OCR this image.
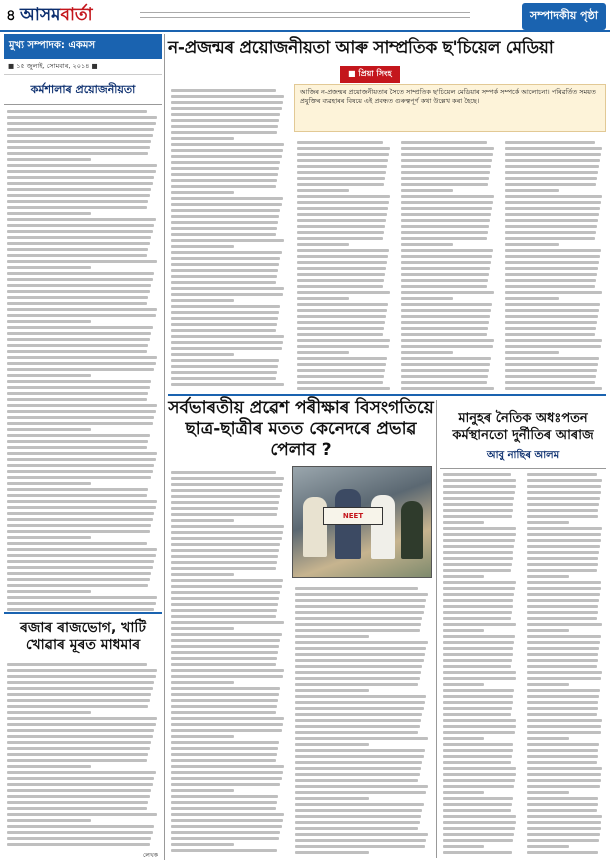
৪ আসমবাৰ্তা	সম্পাদকীয় পৃষ্ঠা
মুখ্য সম্পাদক: একমস
■ ১৫ জুলাই, সোমবাৰ, ২০১৪ ■
কৰ্মশালাৰ প্ৰয়োজনীয়তা
ৰজাৰ ৰাজভোগ, খাটি খোৱাৰ মূৰত মাধমাৰ
লেখক
ন-প্ৰজন্মৰ প্ৰয়োজনীয়তা আৰু সাম্প্ৰতিক ছ'চিয়েল মেডিয়া
■ প্ৰিয়া সিংহ
আজিৰ ন-প্ৰজন্মৰ প্ৰয়োজনীয়তাৰ সৈতে সাম্প্ৰতিক ছ'চিয়েল মেডিয়াৰ সম্পৰ্ক সম্পৰ্কে আলোচনা। পৰিৱৰ্তিত সময়ত প্ৰযুক্তিৰ ব্যৱহাৰৰ বিষয়ে এই প্ৰবন্ধত গুৰুত্বপূৰ্ণ কথা উল্লেখ কৰা হৈছে।
সৰ্বভাৰতীয় প্ৰৱেশ পৰীক্ষাৰ বিসংগতিয়ে ছাত্ৰ-ছাত্ৰীৰ মতত কেনেদৰে প্ৰভাৱ পেলাব ?
NEET
মানুহৰ নৈতিক অধঃপতন কৰ্মস্থানতো দুৰ্নীতিৰ আৰাজ
আবু নাছিৰ আলম
